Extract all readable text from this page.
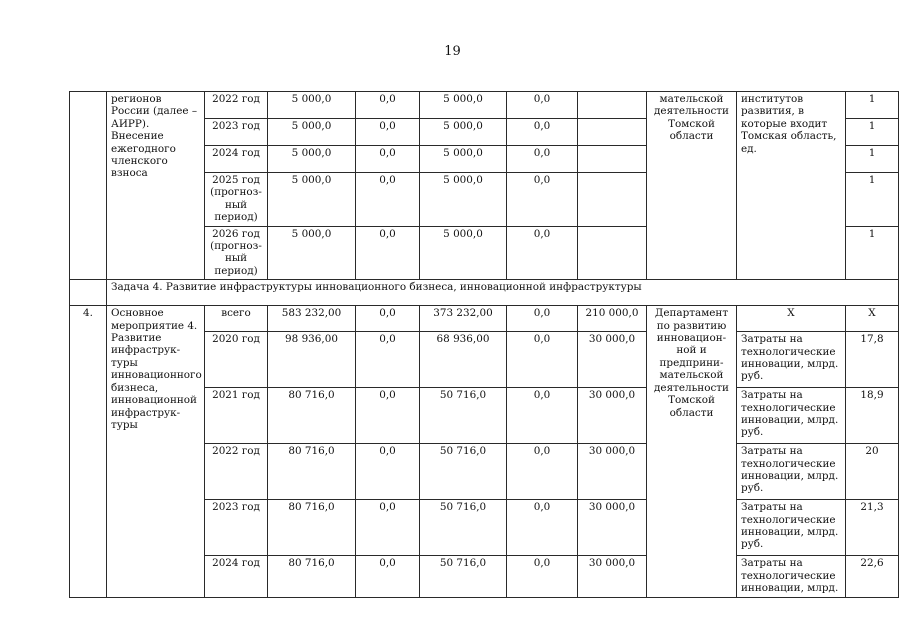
19
	регионов России (далее – АИРР). Внесение ежегодного членского взноса	2022 год	5 000,0	0,0	5 000,0	0,0		мательской деятельности Томской области	институтов развития, в которые входит Томская область, ед.	1
		2023 год	5 000,0	0,0	5 000,0	0,0				1
		2024 год	5 000,0	0,0	5 000,0	0,0				1
		2025 год (прогноз-ный период)	5 000,0	0,0	5 000,0	0,0				1
		2026 год (прогноз-ный период)	5 000,0	0,0	5 000,0	0,0				1
	Задача 4. Развитие инфраструктуры инновационного бизнеса, инновационной инфраструктуры									
4.	Основное мероприятие 4. Развитие инфраструк-туры инновационного бизнеса, инновационной инфраструк-туры	всего	583 232,00	0,0	373 232,00	0,0	210 000,0	Департамент по развитию инновацион-ной и предприни-мательской деятельности Томской области	Х	Х
		2020 год	98 936,00	0,0	68 936,00	0,0	30 000,0		Затраты на технологические инновации, млрд. руб.	17,8
		2021 год	80 716,0	0,0	50 716,0	0,0	30 000,0		Затраты на технологические инновации, млрд. руб.	18,9
		2022 год	80 716,0	0,0	50 716,0	0,0	30 000,0		Затраты на технологические инновации, млрд. руб.	20
		2023 год	80 716,0	0,0	50 716,0	0,0	30 000,0		Затраты на технологические инновации, млрд. руб.	21,3
		2024 год	80 716,0	0,0	50 716,0	0,0	30 000,0		Затраты на технологические инновации, млрд.	22,6
